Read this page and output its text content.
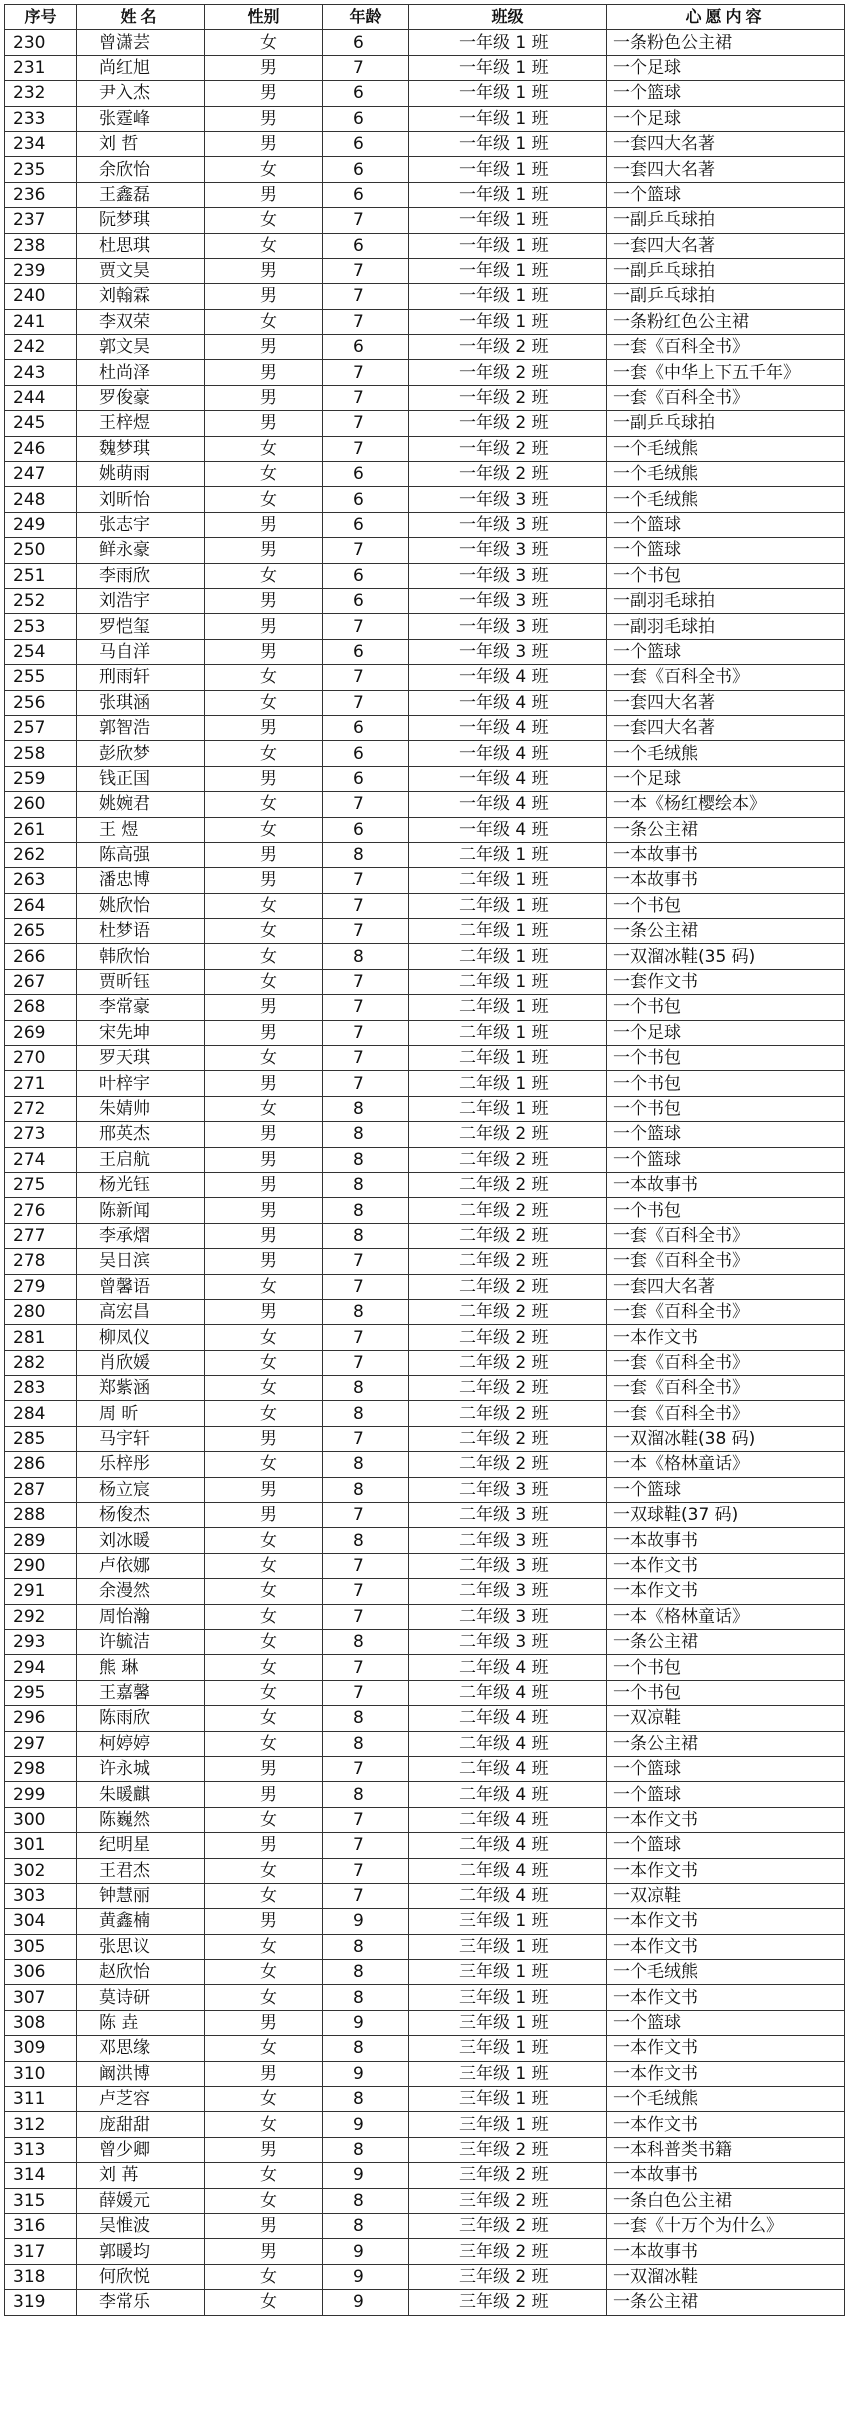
序号	姓名	性别	年龄	班级	心愿内容
230	曾潇芸	女	6	一年级 1 班	一条粉色公主裙
231	尚红旭	男	7	一年级 1 班	一个足球
232	尹入杰	男	6	一年级 1 班	一个篮球
233	张霆峰	男	6	一年级 1 班	一个足球
234	刘 哲	男	6	一年级 1 班	一套四大名著
235	余欣怡	女	6	一年级 1 班	一套四大名著
236	王鑫磊	男	6	一年级 1 班	一个篮球
237	阮梦琪	女	7	一年级 1 班	一副乒乓球拍
238	杜思琪	女	6	一年级 1 班	一套四大名著
239	贾文昊	男	7	一年级 1 班	一副乒乓球拍
240	刘翰霖	男	7	一年级 1 班	一副乒乓球拍
241	李双荣	女	7	一年级 1 班	一条粉红色公主裙
242	郭文昊	男	6	一年级 2 班	一套《百科全书》
243	杜尚泽	男	7	一年级 2 班	一套《中华上下五千年》
244	罗俊豪	男	7	一年级 2 班	一套《百科全书》
245	王梓煜	男	7	一年级 2 班	一副乒乓球拍
246	魏梦琪	女	7	一年级 2 班	一个毛绒熊
247	姚萌雨	女	6	一年级 2 班	一个毛绒熊
248	刘昕怡	女	6	一年级 3 班	一个毛绒熊
249	张志宇	男	6	一年级 3 班	一个篮球
250	鲜永豪	男	7	一年级 3 班	一个篮球
251	李雨欣	女	6	一年级 3 班	一个书包
252	刘浩宇	男	6	一年级 3 班	一副羽毛球拍
253	罗恺玺	男	7	一年级 3 班	一副羽毛球拍
254	马自洋	男	6	一年级 3 班	一个篮球
255	刑雨轩	女	7	一年级 4 班	一套《百科全书》
256	张琪涵	女	7	一年级 4 班	一套四大名著
257	郭智浩	男	6	一年级 4 班	一套四大名著
258	彭欣梦	女	6	一年级 4 班	一个毛绒熊
259	钱正国	男	6	一年级 4 班	一个足球
260	姚婉君	女	7	一年级 4 班	一本《杨红樱绘本》
261	王 煜	女	6	一年级 4 班	一条公主裙
262	陈高强	男	8	二年级 1 班	一本故事书
263	潘忠博	男	7	二年级 1 班	一本故事书
264	姚欣怡	女	7	二年级 1 班	一个书包
265	杜梦语	女	7	二年级 1 班	一条公主裙
266	韩欣怡	女	8	二年级 1 班	一双溜冰鞋(35 码)
267	贾昕钰	女	7	二年级 1 班	一套作文书
268	李常豪	男	7	二年级 1 班	一个书包
269	宋先坤	男	7	二年级 1 班	一个足球
270	罗天琪	女	7	二年级 1 班	一个书包
271	叶梓宇	男	7	二年级 1 班	一个书包
272	朱婧帅	女	8	二年级 1 班	一个书包
273	邢英杰	男	8	二年级 2 班	一个篮球
274	王启航	男	8	二年级 2 班	一个篮球
275	杨光钰	男	8	二年级 2 班	一本故事书
276	陈新闻	男	8	二年级 2 班	一个书包
277	李承熠	男	8	二年级 2 班	一套《百科全书》
278	吴日滨	男	7	二年级 2 班	一套《百科全书》
279	曾馨语	女	7	二年级 2 班	一套四大名著
280	高宏昌	男	8	二年级 2 班	一套《百科全书》
281	柳凤仪	女	7	二年级 2 班	一本作文书
282	肖欣媛	女	7	二年级 2 班	一套《百科全书》
283	郑紫涵	女	8	二年级 2 班	一套《百科全书》
284	周 昕	女	8	二年级 2 班	一套《百科全书》
285	马宇轩	男	7	二年级 2 班	一双溜冰鞋(38 码)
286	乐梓彤	女	8	二年级 2 班	一本《格林童话》
287	杨立宸	男	8	二年级 3 班	一个篮球
288	杨俊杰	男	7	二年级 3 班	一双球鞋(37 码)
289	刘冰暖	女	8	二年级 3 班	一本故事书
290	卢依娜	女	7	二年级 3 班	一本作文书
291	余漫然	女	7	二年级 3 班	一本作文书
292	周怡瀚	女	7	二年级 3 班	一本《格林童话》
293	许毓洁	女	8	二年级 3 班	一条公主裙
294	熊 琳	女	7	二年级 4 班	一个书包
295	王嘉馨	女	7	二年级 4 班	一个书包
296	陈雨欣	女	8	二年级 4 班	一双凉鞋
297	柯婷婷	女	8	二年级 4 班	一条公主裙
298	许永城	男	7	二年级 4 班	一个篮球
299	朱暖麒	男	8	二年级 4 班	一个篮球
300	陈巍然	女	7	二年级 4 班	一本作文书
301	纪明星	男	7	二年级 4 班	一个篮球
302	王君杰	女	7	二年级 4 班	一本作文书
303	钟慧丽	女	7	二年级 4 班	一双凉鞋
304	黄鑫楠	男	9	三年级 1 班	一本作文书
305	张思议	女	8	三年级 1 班	一本作文书
306	赵欣怡	女	8	三年级 1 班	一个毛绒熊
307	莫诗研	女	8	三年级 1 班	一本作文书
308	陈 垚	男	9	三年级 1 班	一个篮球
309	邓思缘	女	8	三年级 1 班	一本作文书
310	阚洪博	男	9	三年级 1 班	一本作文书
311	卢芝容	女	8	三年级 1 班	一个毛绒熊
312	庞甜甜	女	9	三年级 1 班	一本作文书
313	曾少卿	男	8	三年级 2 班	一本科普类书籍
314	刘 苒	女	9	三年级 2 班	一本故事书
315	薛媛元	女	8	三年级 2 班	一条白色公主裙
316	吴惟波	男	8	三年级 2 班	一套《十万个为什么》
317	郭暖均	男	9	三年级 2 班	一本故事书
318	何欣悦	女	9	三年级 2 班	一双溜冰鞋
319	李常乐	女	9	三年级 2 班	一条公主裙
